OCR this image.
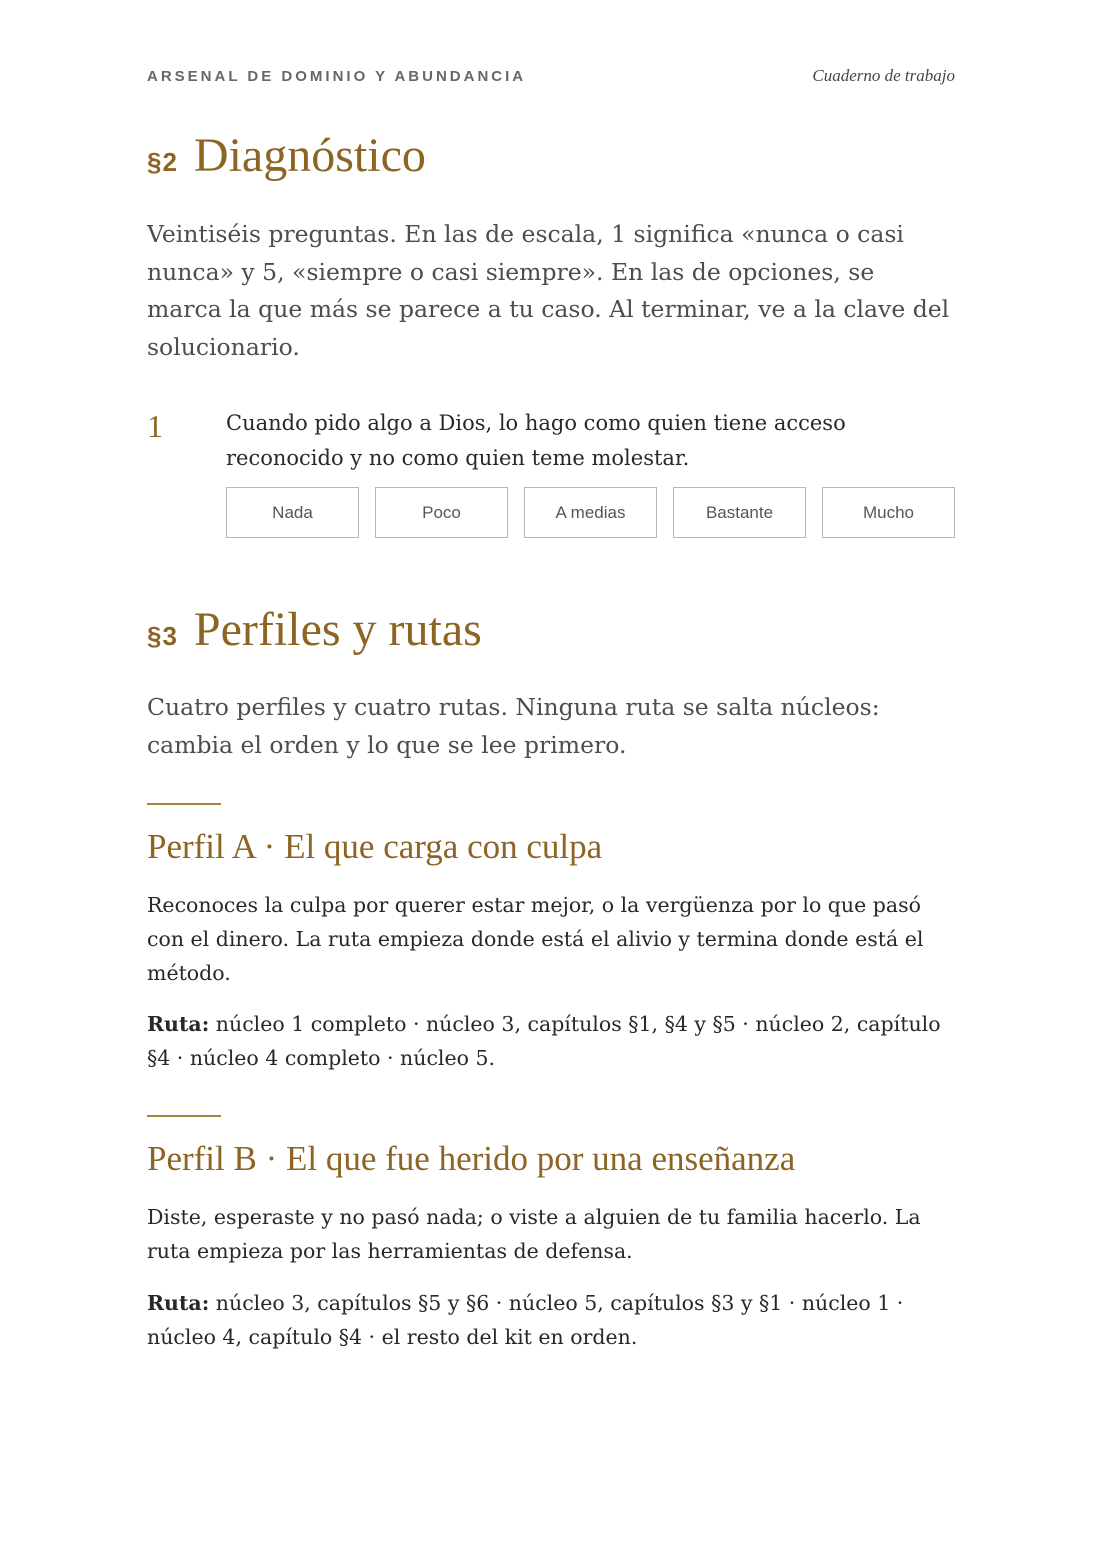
ARSENAL DE DOMINIO Y ABUNDANCIA	Cuaderno de trabajo
§2 Diagnóstico

Veintiséis preguntas. En las de escala, 1 significa «nunca o casi nunca» y 5, «siempre o casi siempre». En las de opciones, se marca la que más se parece a tu caso. Al terminar, ve a la clave del solucionario.

1	Cuando pido algo a Dios, lo hago como quien tiene acceso reconocido y no como quien teme molestar.

Nada	Poco	A medias	Bastante	Mucho
§3 Perfiles y rutas

Cuatro perfiles y cuatro rutas. Ninguna ruta se salta núcleos: cambia el orden y lo que se lee primero.

Perfil A · El que carga con culpa

Reconoces la culpa por querer estar mejor, o la vergüenza por lo que pasó con el dinero. La ruta empieza donde está el alivio y termina donde está el método.

Ruta: núcleo 1 completo · núcleo 3, capítulos §1, §4 y §5 · núcleo 2, capítulo §4 · núcleo 4 completo · núcleo 5.

Perfil B · El que fue herido por una enseñanza

Diste, esperaste y no pasó nada; o viste a alguien de tu familia hacerlo. La ruta empieza por las herramientas de defensa.

Ruta: núcleo 3, capítulos §5 y §6 · núcleo 5, capítulos §3 y §1 · núcleo 1 · núcleo 4, capítulo §4 · el resto del kit en orden.
